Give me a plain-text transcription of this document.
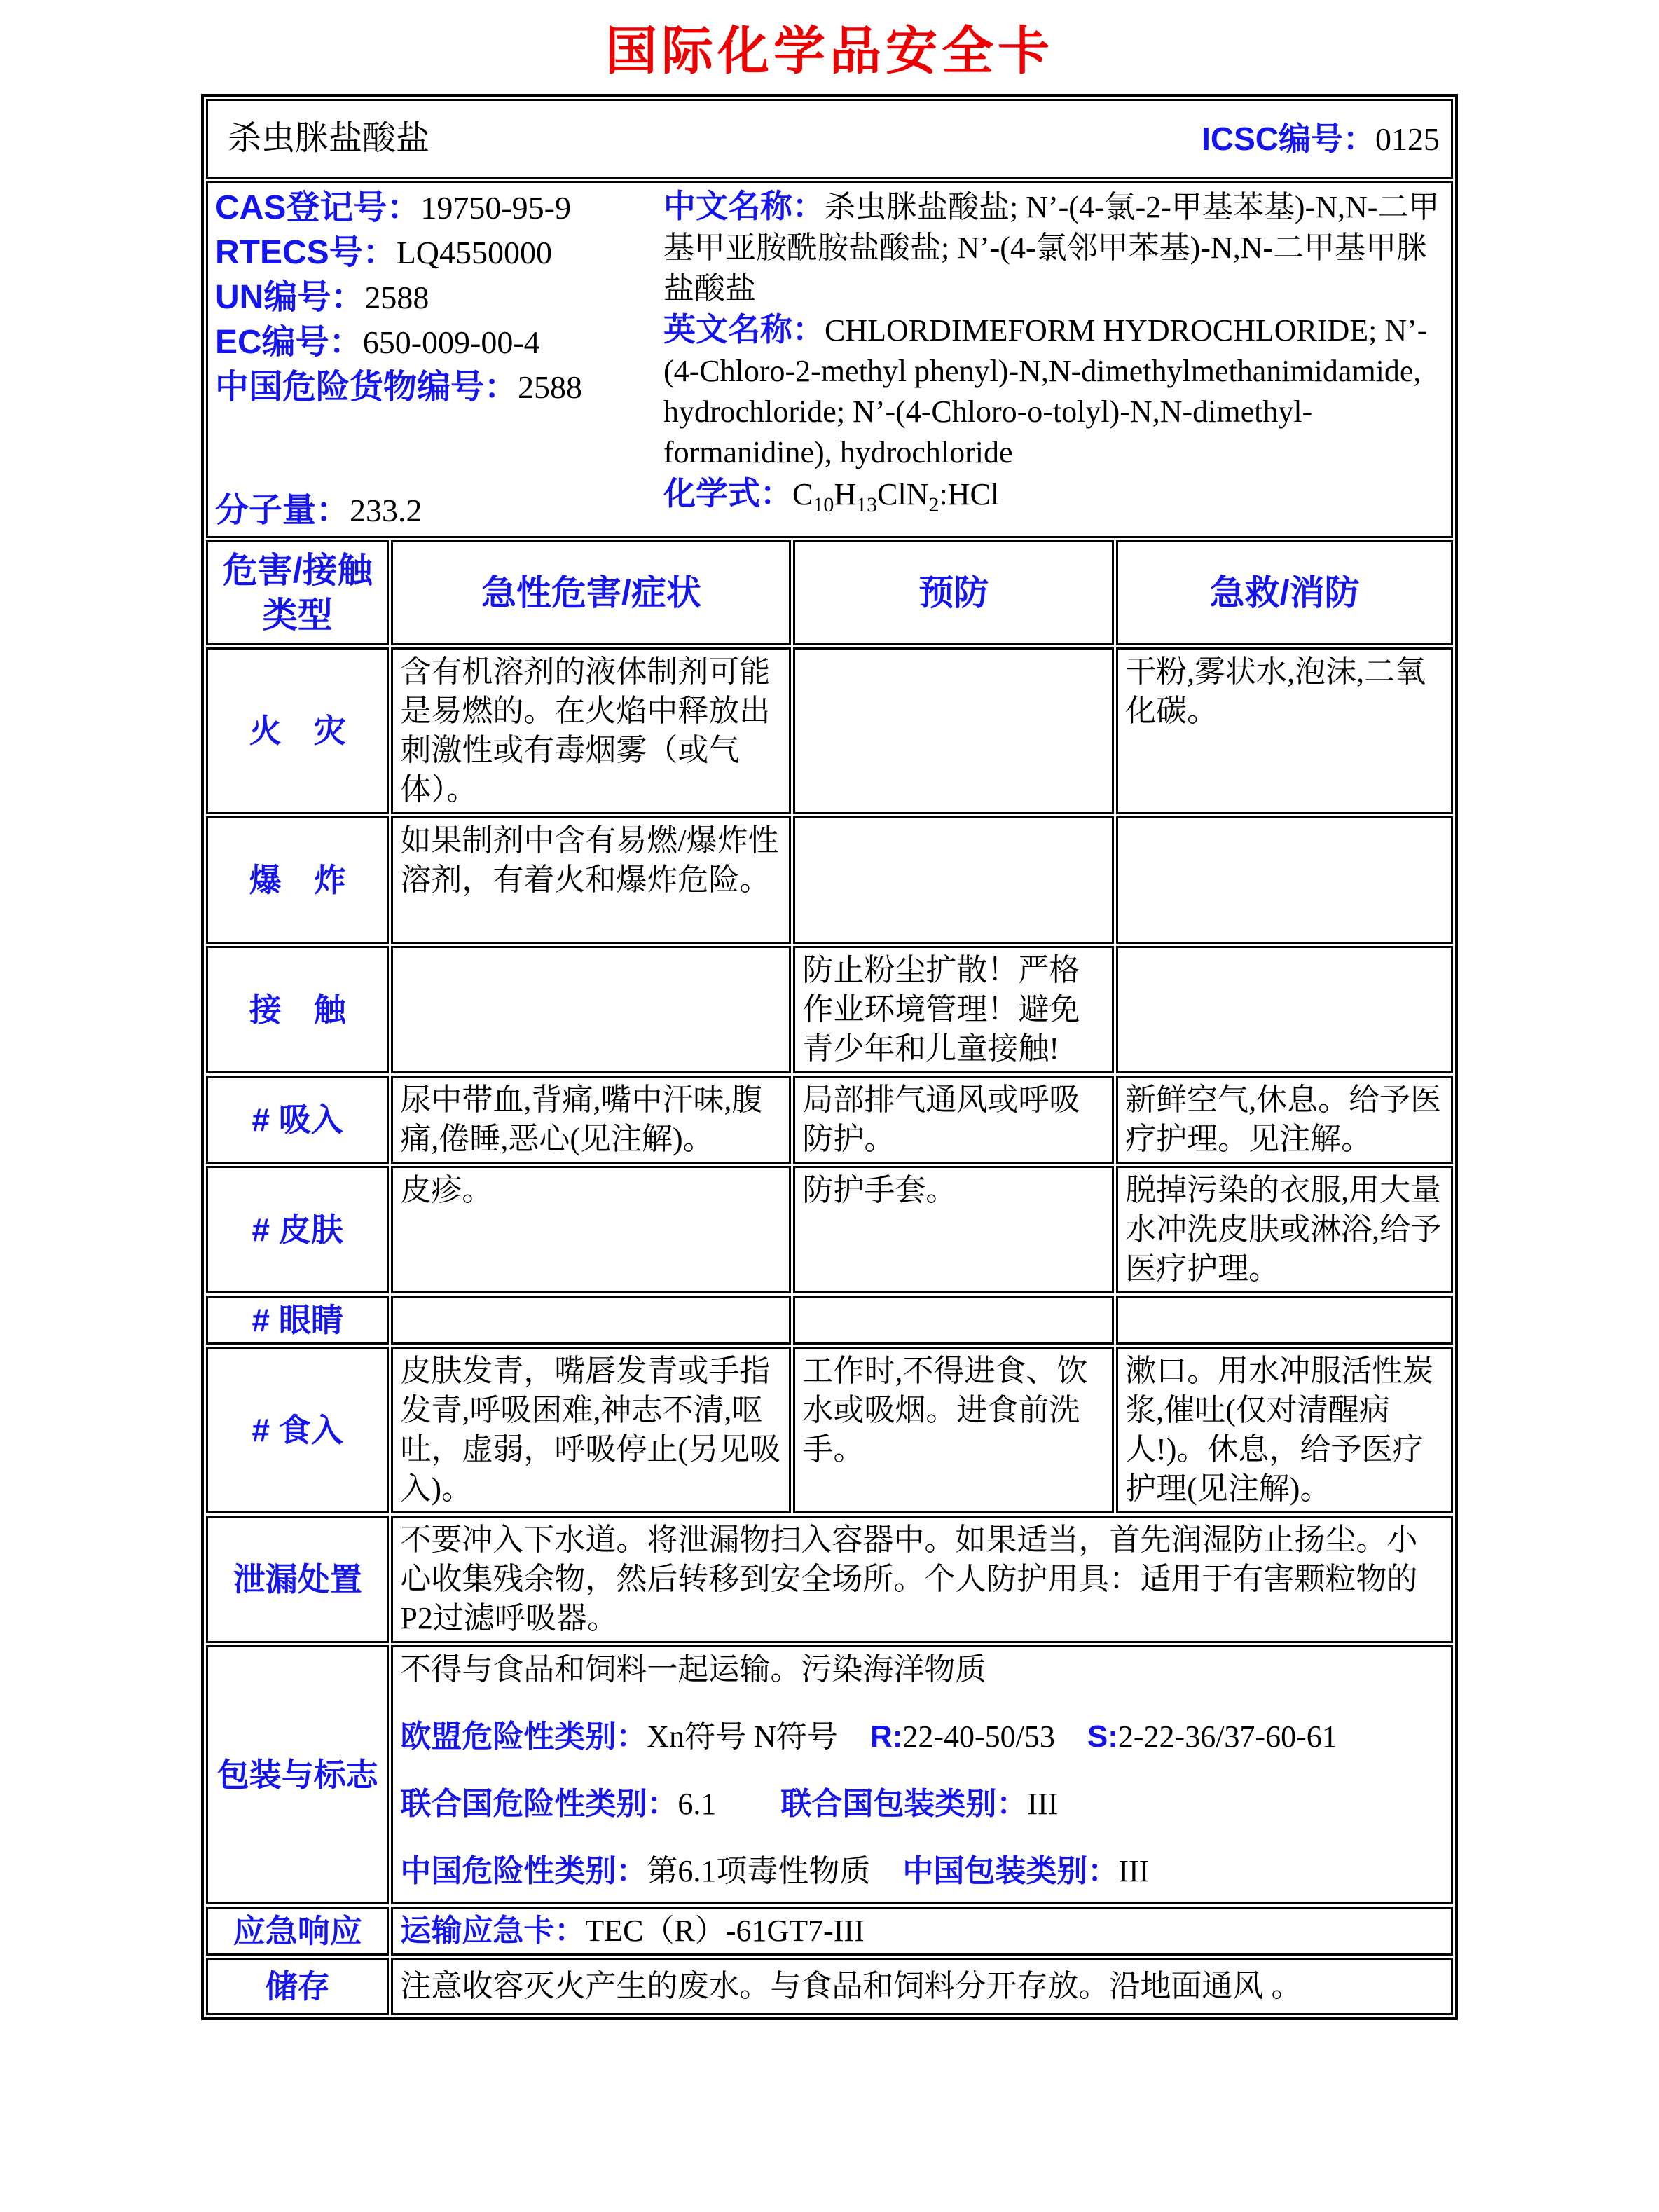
国际化学品安全卡
杀虫脒盐酸盐 ICSC编号：0125			

CAS登记号：19750-95-9
RTECS号：LQ4550000
UN编号：2588
EC编号：650-009-00-4
中国危险货物编号：2588
分子量：233.2

中文名称：杀虫脒盐酸盐; N’-(4-氯-2-甲基苯基)-N,N-二甲基甲亚胺酰胺盐酸盐; N’-(4-氯邻甲苯基)-N,N-二甲基甲脒盐酸盐

英文名称：CHLORDIMEFORM HYDROCHLORIDE; N’-(4-Chloro-2-methyl phenyl)-N,N-dimethylmethanimidamide, hydrochloride; N’-(4-Chloro-o-tolyl)-N,N-dimethyl-formanidine), hydrochloride

化学式：$C_{10}H_{13}ClN_2:HCl$

危害/接触类型	急性危害/症状	预防	急救/消防
火　灾	含有机溶剂的液体制剂可能是易燃的。在火焰中释放出刺激性或有毒烟雾（或气体）。		干粉,雾状水,泡沫,二氧化碳。
爆　炸	如果制剂中含有易燃/爆炸性溶剂，有着火和爆炸危险。		
接　触		防止粉尘扩散！严格作业环境管理！避免青少年和儿童接触!	
# 吸入	尿中带血,背痛,嘴中汗味,腹痛,倦睡,恶心(见注解)。	局部排气通风或呼吸防护。	新鲜空气,休息。给予医疗护理。见注解。
# 皮肤	皮疹。	防护手套。	脱掉污染的衣服,用大量水冲洗皮肤或淋浴,给予医疗护理。
# 眼睛			
# 食入	皮肤发青，嘴唇发青或手指发青,呼吸困难,神志不清,呕吐，虚弱，呼吸停止(另见吸入)。	工作时,不得进食、饮水或吸烟。进食前洗手。	漱口。用水冲服活性炭浆,催吐(仅对清醒病人!)。休息，给予医疗护理(见注解)。
泄漏处置	不要冲入下水道。将泄漏物扫入容器中。如果适当，首先润湿防止扬尘。小心收集残余物，然后转移到安全场所。个人防护用具：适用于有害颗粒物的P2过滤呼吸器。		
包装与标志	不得与食品和饲料一起运输。污染海洋物质

欧盟危险性类别：Xn符号 N符号 R:22-40-50/53 S:2-22-36/37-60-61

联合国危险性类别：6.1 联合国包装类别：III

中国危险性类别：第6.1项毒性物质 中国包装类别：III		

应急响应	运输应急卡：TEC（R）-61GT7-III		
储存	注意收容灭火产生的废水。与食品和饲料分开存放。沿地面通风 。		
